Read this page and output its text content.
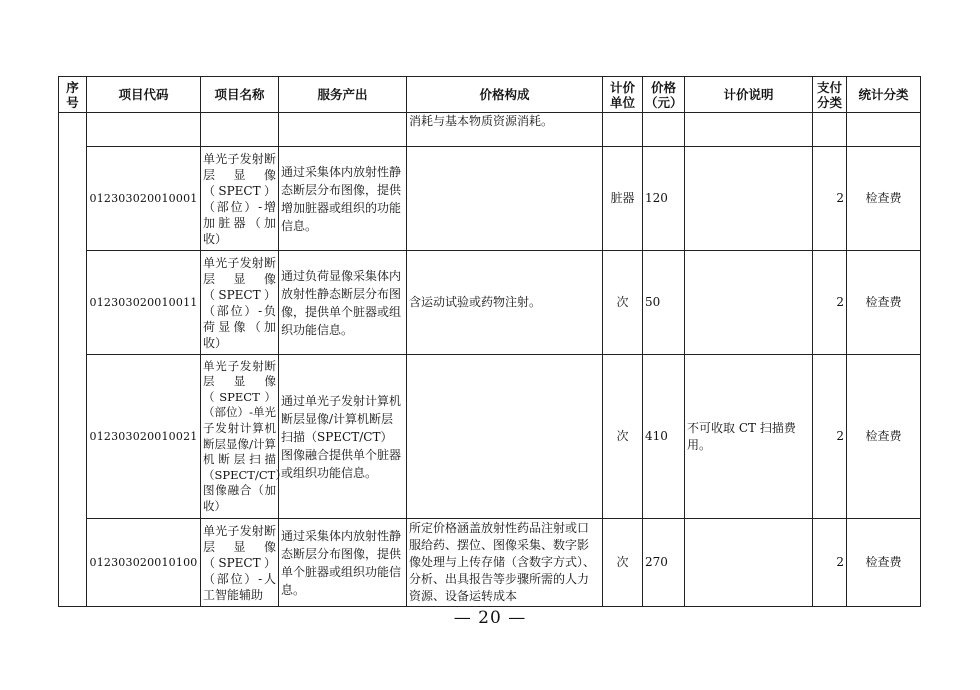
序号	项目代码	项目名称	服务产出	价格构成	计价单位	价格（元）	计价说明	支付分类	统计分类
				消耗与基本物质资源消耗。					
	012303020010001	单光子发射断层显像（SPECT）（部位）-增加脏器（加收）	通过采集体内放射性静态断层分布图像，提供增加脏器或组织的功能信息。		脏器	120		2	检查费
	012303020010011	单光子发射断层显像（SPECT）（部位）-负荷显像（加收）	通过负荷显像采集体内放射性静态断层分布图像，提供单个脏器或组织功能信息。	含运动试验或药物注射。	次	50		2	检查费
	012303020010021	单光子发射断层显像（SPECT）（部位）-单光子发射计算机断层显像/计算机断层扫描（SPECT/CT）图像融合（加收）	通过单光子发射计算机断层显像/计算机断层扫描（SPECT/CT）图像融合提供单个脏器或组织功能信息。		次	410	不可收取 CT 扫描费用。	2	检查费
	012303020010100	单光子发射断层显像（SPECT）（部位）-人工智能辅助	通过采集体内放射性静态断层分布图像，提供单个脏器或组织功能信息。	所定价格涵盖放射性药品注射或口服给药、摆位、图像采集、数字影像处理与上传存储（含数字方式）、分析、出具报告等步骤所需的人力资源、设备运转成本	次	270		2	检查费
— 20 —
